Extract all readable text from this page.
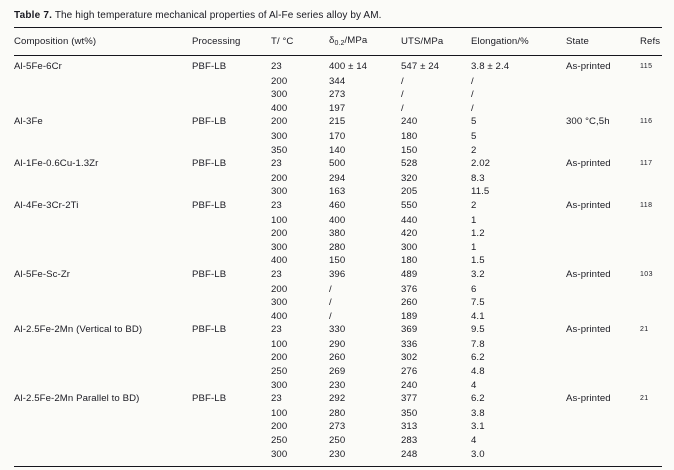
Table 7. The high temperature mechanical properties of Al-Fe series alloy by AM.

Composition (wt%)	Processing	T/ °C	$\delta_{0.2}$/MPa	UTS/MPa	Elongation/%	State	Refs
Al-5Fe-6Cr	PBF-LB	23	400 ± 14	547 ± 24	3.8 ± 2.4	As-printed	115
		200	344	/	/		
		300	273	/	/		
		400	197	/	/		
Al-3Fe	PBF-LB	200	215	240	5	300 °C,5h	116
		300	170	180	5		
		350	140	150	2		
Al-1Fe-0.6Cu-1.3Zr	PBF-LB	23	500	528	2.02	As-printed	117
		200	294	320	8.3		
		300	163	205	11.5		
Al-4Fe-3Cr-2Ti	PBF-LB	23	460	550	2	As-printed	118
		100	400	440	1		
		200	380	420	1.2		
		300	280	300	1		
		400	150	180	1.5		
Al-5Fe-Sc-Zr	PBF-LB	23	396	489	3.2	As-printed	103
		200	/	376	6		
		300	/	260	7.5		
		400	/	189	4.1		
Al-2.5Fe-2Mn (Vertical to BD)	PBF-LB	23	330	369	9.5	As-printed	21
		100	290	336	7.8		
		200	260	302	6.2		
		250	269	276	4.8		
		300	230	240	4		
Al-2.5Fe-2Mn Parallel to BD)	PBF-LB	23	292	377	6.2	As-printed	21
		100	280	350	3.8		
		200	273	313	3.1		
		250	250	283	4		
		300	230	248	3.0		
